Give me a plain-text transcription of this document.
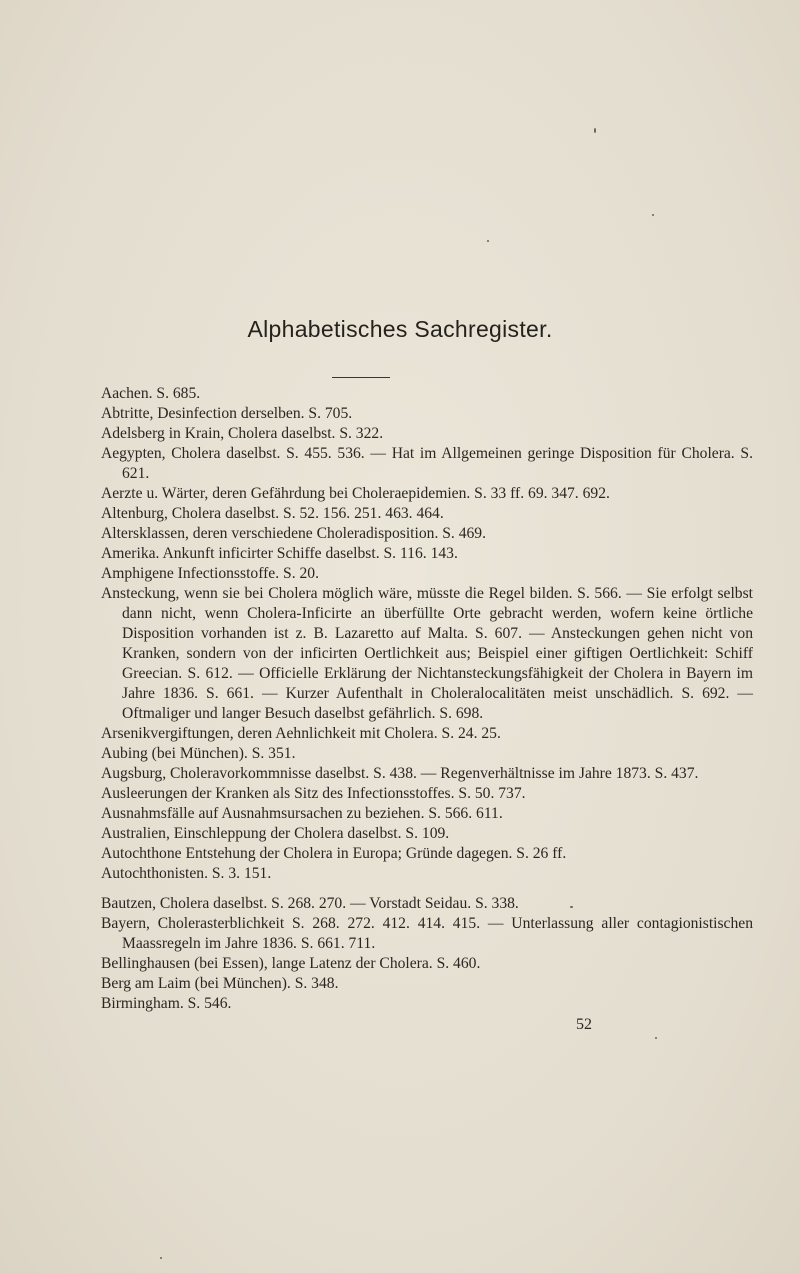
Alphabetisches Sachregister.

Aachen. S. 685.

Abtritte, Desinfection derselben. S. 705.

Adelsberg in Krain, Cholera daselbst. S. 322.

Aegypten, Cholera daselbst. S. 455. 536. — Hat im Allgemeinen geringe Disposition für Cholera. S. 621.

Aerzte u. Wärter, deren Gefährdung bei Choleraepidemien. S. 33 ff. 69. 347. 692.

Altenburg, Cholera daselbst. S. 52. 156. 251. 463. 464.

Altersklassen, deren verschiedene Choleradisposition. S. 469.

Amerika. Ankunft inficirter Schiffe daselbst. S. 116. 143.

Amphigene Infectionsstoffe. S. 20.

Ansteckung, wenn sie bei Cholera möglich wäre, müsste die Regel bilden. S. 566. — Sie erfolgt selbst dann nicht, wenn Cholera-Inficirte an überfüllte Orte gebracht werden, wofern keine örtliche Disposition vorhanden ist z. B. Lazaretto auf Malta. S. 607. — Ansteckungen gehen nicht von Kranken, sondern von der inficirten Oertlichkeit aus; Beispiel einer giftigen Oertlichkeit: Schiff Greecian. S. 612. — Officielle Erklärung der Nichtansteckungsfähigkeit der Cholera in Bayern im Jahre 1836. S. 661. — Kurzer Aufenthalt in Choleralocalitäten meist unschädlich. S. 692. — Oftmaliger und langer Besuch daselbst gefährlich. S. 698.

Arsenikvergiftungen, deren Aehnlichkeit mit Cholera. S. 24. 25.

Aubing (bei München). S. 351.

Augsburg, Choleravorkommnisse daselbst. S. 438. — Regenverhältnisse im Jahre 1873. S. 437.

Ausleerungen der Kranken als Sitz des Infectionsstoffes. S. 50. 737.

Ausnahmsfälle auf Ausnahmsursachen zu beziehen. S. 566. 611.

Australien, Einschleppung der Cholera daselbst. S. 109.

Autochthone Entstehung der Cholera in Europa; Gründe dagegen. S. 26 ff.

Autochthonisten. S. 3. 151.

Bautzen, Cholera daselbst. S. 268. 270. — Vorstadt Seidau. S. 338.

Bayern, Cholerasterblichkeit S. 268. 272. 412. 414. 415. — Unterlassung aller contagionistischen Maassregeln im Jahre 1836. S. 661. 711.

Bellinghausen (bei Essen), lange Latenz der Cholera. S. 460.

Berg am Laim (bei München). S. 348.

Birmingham. S. 546.

52
